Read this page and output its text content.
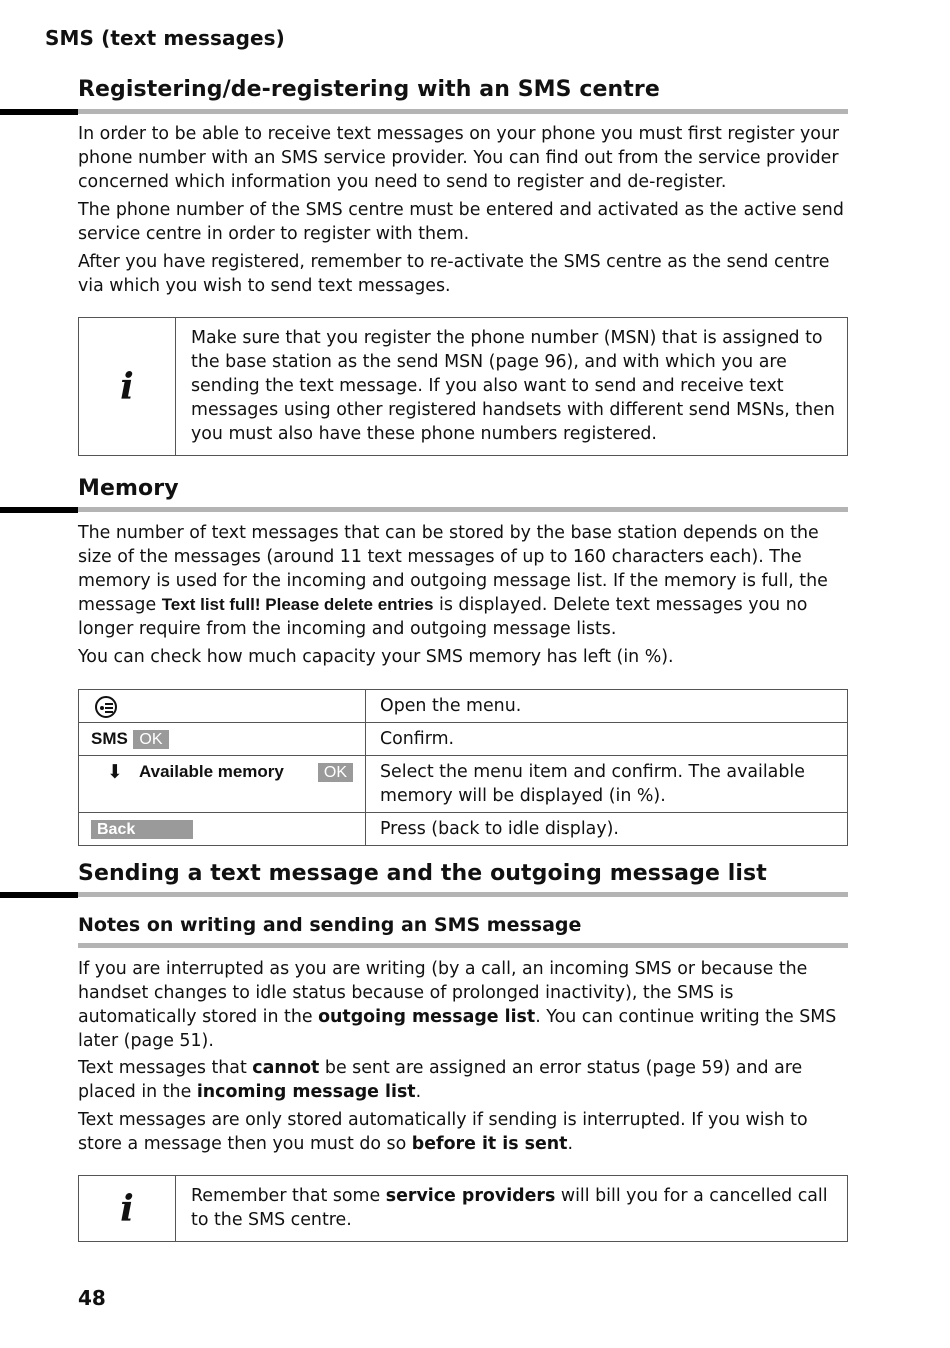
SMS (text messages)
Registering/de-registering with an SMS centre

In order to be able to receive text messages on your phone you must first register your phone number with an SMS service provider. You can find out from the service provider concerned which information you need to send to register and de-register.

The phone number of the SMS centre must be entered and activated as the active send service centre in order to register with them.

After you have registered, remember to re-activate the SMS centre as the send centre via which you wish to send text messages.

i
Make sure that you register the phone number (MSN) that is assigned to the base station as the send MSN (page 96), and with which you are sending the text message. If you also want to send and receive text messages using other registered handsets with different send MSNs, then you must also have these phone numbers registered.
Memory

The number of text messages that can be stored by the base station depends on the size of the messages (around 11 text messages of up to 160 characters each). The memory is used for the incoming and outgoing message list. If the memory is full, the message Text list full! Please delete entries is displayed. Delete text messages you no longer require from the incoming and outgoing message lists.

You can check how much capacity your SMS memory has left (in %).

	Open the menu.
SMS OK	Confirm.

⬇ Available memory OK	Select the menu item and confirm. The available memory will be displayed (in %).
Back	Press (back to idle display).
Sending a text message and the outgoing message list
Notes on writing and sending an SMS message

If you are interrupted as you are writing (by a call, an incoming SMS or because the handset changes to idle status because of prolonged inactivity), the SMS is automatically stored in the outgoing message list. You can continue writing the SMS later (page 51).

Text messages that cannot be sent are assigned an error status (page 59) and are placed in the incoming message list.

Text messages are only stored automatically if sending is interrupted. If you wish to store a message then you must do so before it is sent.

i	Remember that some service providers will bill you for a cancelled call to the SMS centre.
48
